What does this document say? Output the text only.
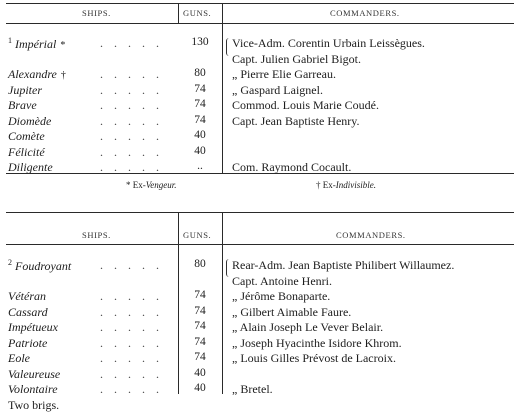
SHIPS.	GUNS.	COMMANDERS.
$^1$ Impérial *	.....	130	Vice-Adm. Corentin Urbain Leissègues.
Capt. Julien Gabriel Bigot.
Alexandre †	.....	80	„ Pierre Elie Garreau.
Jupiter	.....	74	„ Gaspard Laignel.
Brave	.....	74	Commod. Louis Marie Coudé.
Diomède	.....	74	Capt. Jean Baptiste Henry.
Comète	.....	40
Félicité	.....	40
Diligente	.....	..	Com. Raymond Cocault.
* Ex-Vengeur.	† Ex-Indivisible.
SHIPS.	GUNS.	COMMANDERS.
$^2$ Foudroyant .....	80	Rear-Adm. Jean Baptiste Philibert Willaumez.
Capt. Antoine Henri.
Vétéran	.....	74	„ Jérôme Bonaparte.
Cassard	.....	74	„ Gilbert Aimable Faure.
Impétueux	.....	74	„ Alain Joseph Le Vever Belair.
Patriote	.....	74	„ Joseph Hyacinthe Isidore Khrom.
Eole	.....	74	„ Louis Gilles Prévost de Lacroix.
Valeureuse	.....	40
Volontaire	.....	40	„ Bretel.
Two brigs.
